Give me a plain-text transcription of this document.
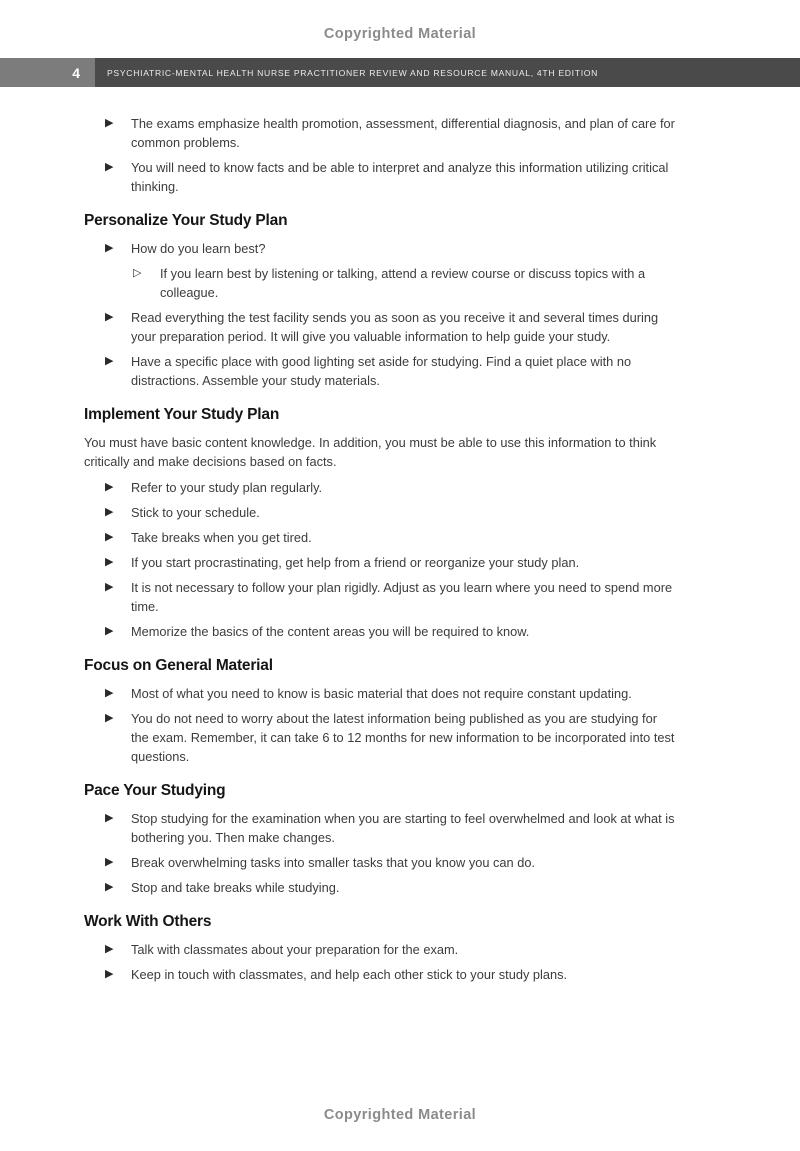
Copyrighted Material
4	PSYCHIATRIC-MENTAL HEALTH NURSE PRACTITIONER REVIEW AND RESOURCE MANUAL, 4TH EDITION
▶ The exams emphasize health promotion, assessment, differential diagnosis, and plan of care for common problems.
▶ You will need to know facts and be able to interpret and analyze this information utilizing critical thinking.
Personalize Your Study Plan
▶ How do you learn best?
▷ If you learn best by listening or talking, attend a review course or discuss topics with a colleague.
▶ Read everything the test facility sends you as soon as you receive it and several times during your preparation period. It will give you valuable information to help guide your study.
▶ Have a specific place with good lighting set aside for studying. Find a quiet place with no distractions. Assemble your study materials.
Implement Your Study Plan

You must have basic content knowledge. In addition, you must be able to use this information to think critically and make decisions based on facts.

▶ Refer to your study plan regularly.
▶ Stick to your schedule.
▶ Take breaks when you get tired.
▶ If you start procrastinating, get help from a friend or reorganize your study plan.
▶ It is not necessary to follow your plan rigidly. Adjust as you learn where you need to spend more time.
▶ Memorize the basics of the content areas you will be required to know.
Focus on General Material
▶ Most of what you need to know is basic material that does not require constant updating.
▶ You do not need to worry about the latest information being published as you are studying for the exam. Remember, it can take 6 to 12 months for new information to be incorporated into test questions.
Pace Your Studying
▶ Stop studying for the examination when you are starting to feel overwhelmed and look at what is bothering you. Then make changes.
▶ Break overwhelming tasks into smaller tasks that you know you can do.
▶ Stop and take breaks while studying.
Work With Others
▶ Talk with classmates about your preparation for the exam.
▶ Keep in touch with classmates, and help each other stick to your study plans.
Copyrighted Material
